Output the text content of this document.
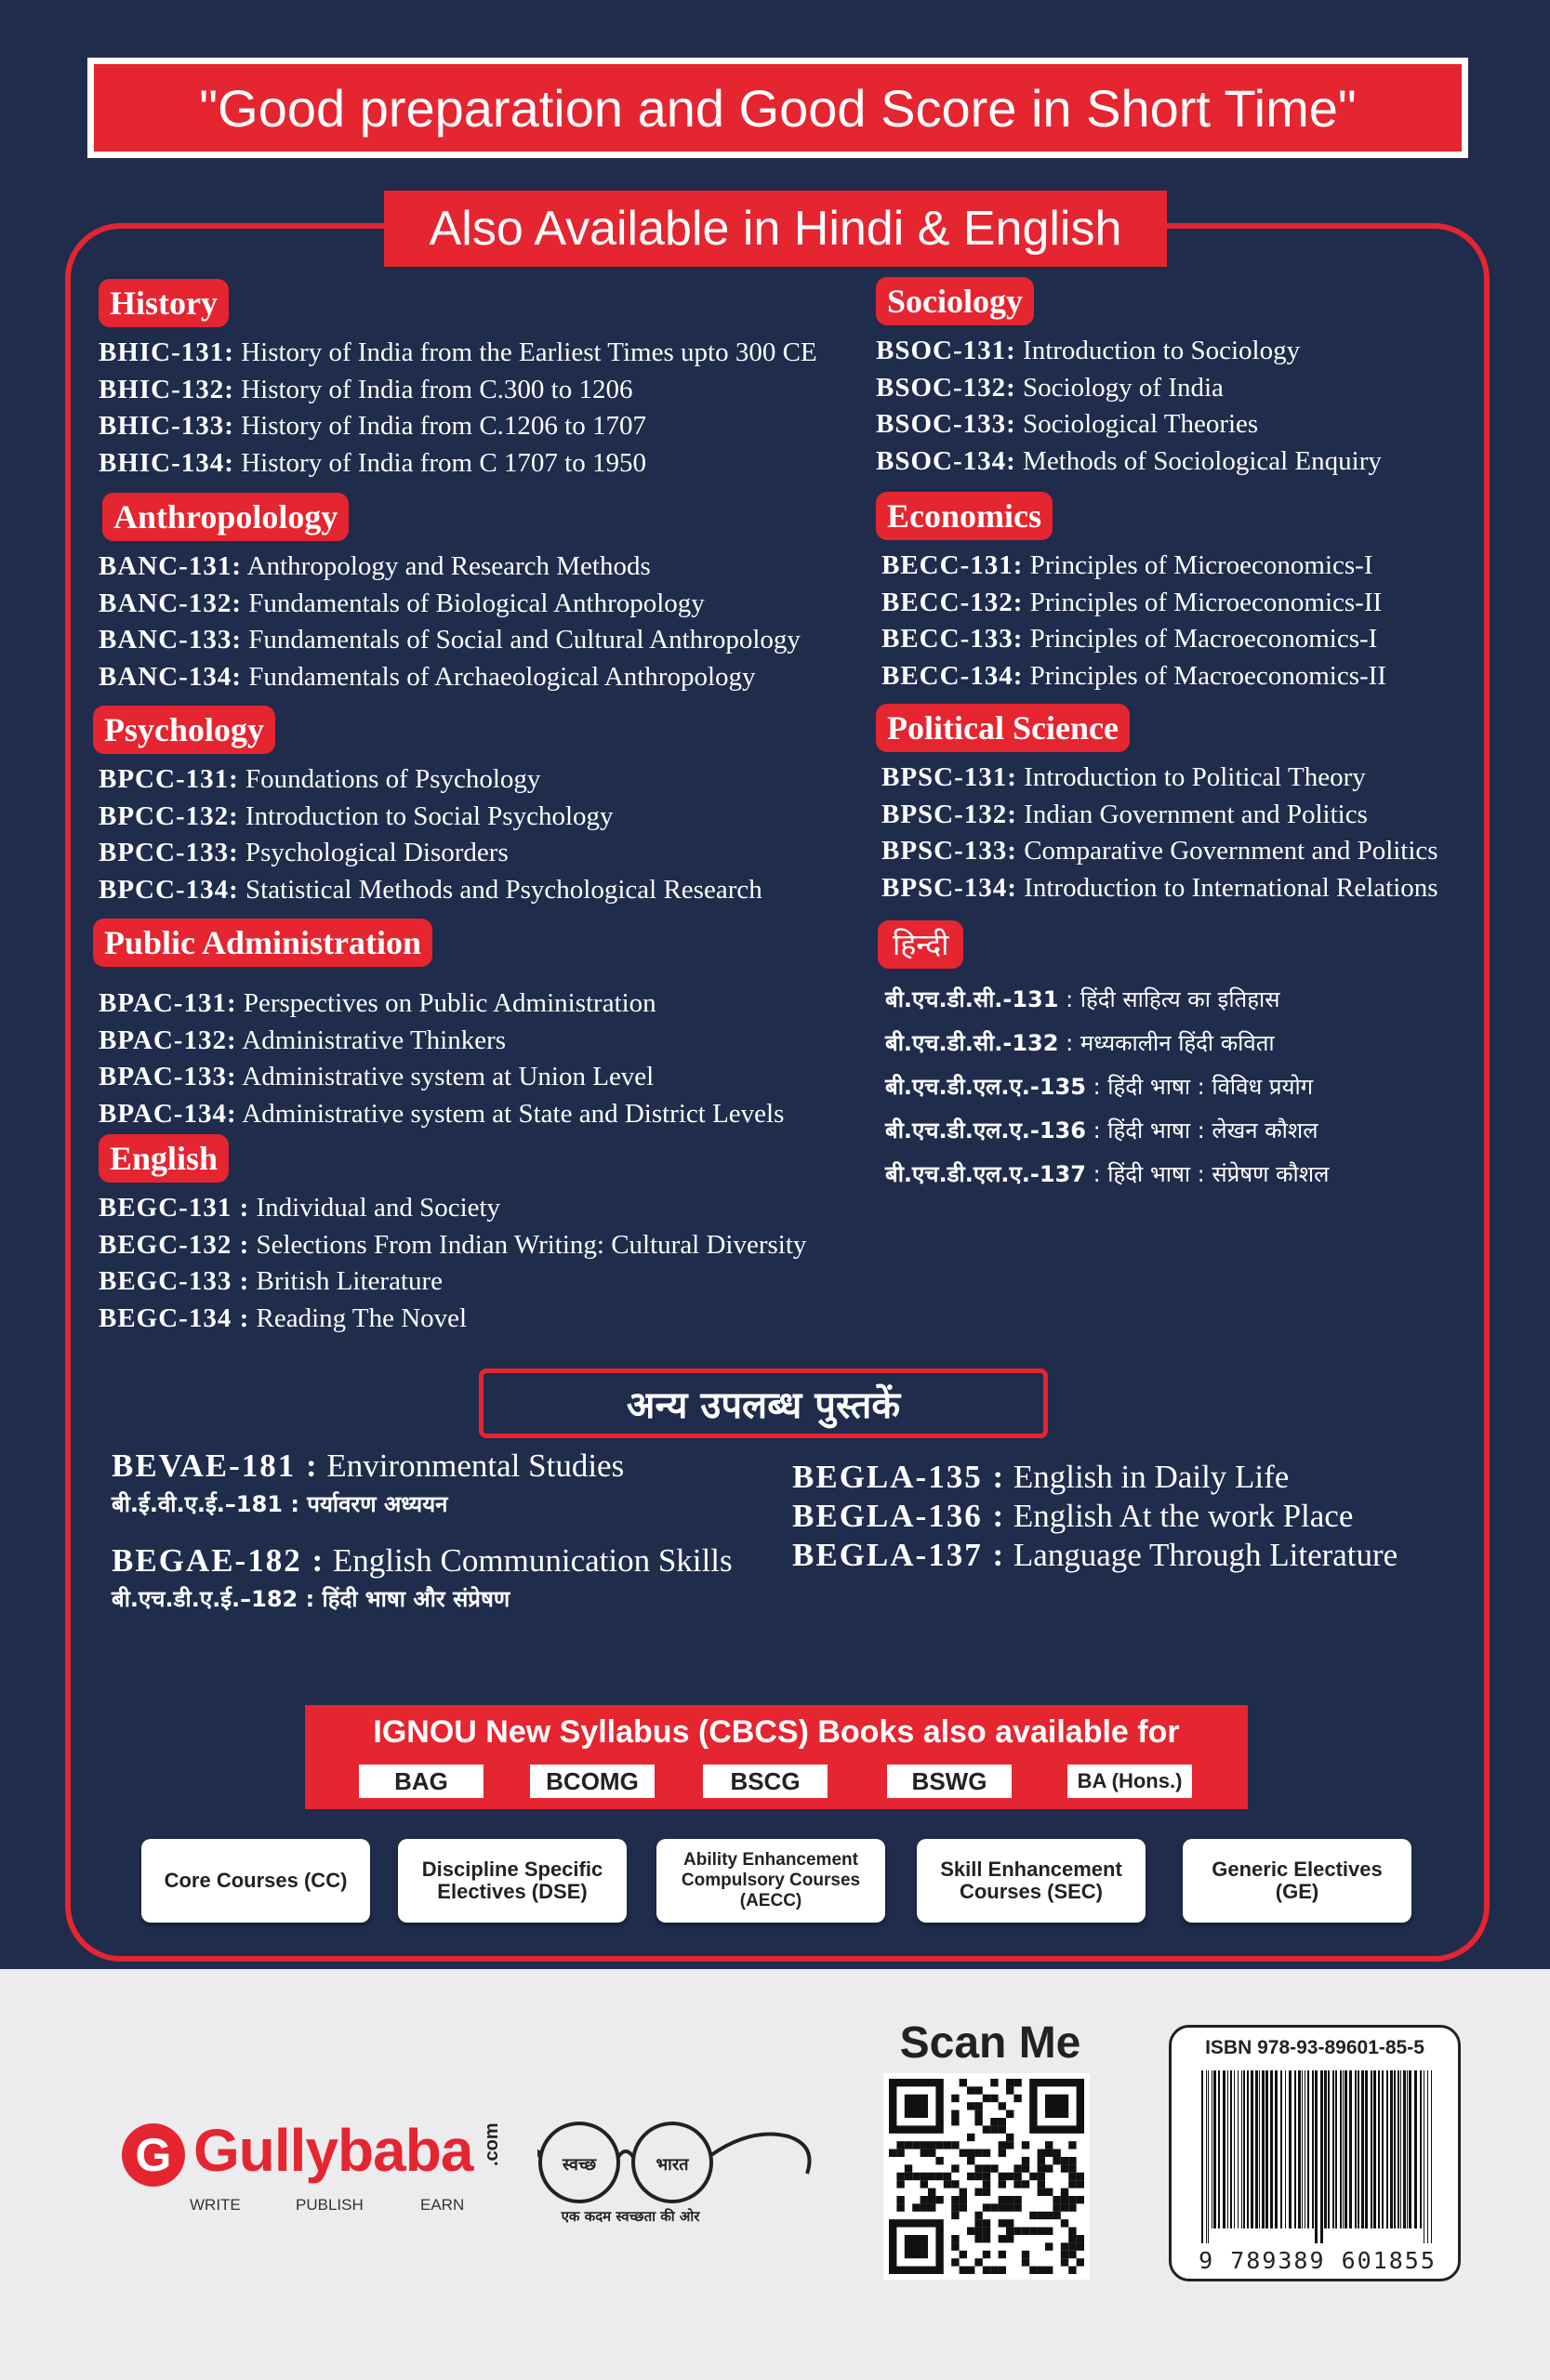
"Good preparation and Good Score in Short Time"
Also Available in Hindi & English
History
BHIC-131: History of India from the Earliest Times upto 300 CE
BHIC-132: History of India from C.300 to 1206
BHIC-133: History of India from C.1206 to 1707
BHIC-134: History of India from C 1707 to 1950
Anthropolology
BANC-131: Anthropology and Research Methods
BANC-132: Fundamentals of Biological Anthropology
BANC-133: Fundamentals of Social and Cultural Anthropology
BANC-134: Fundamentals of Archaeological Anthropology
Psychology
BPCC-131: Foundations of Psychology
BPCC-132: Introduction to Social Psychology
BPCC-133: Psychological Disorders
BPCC-134: Statistical Methods and Psychological Research
Public Administration
BPAC-131: Perspectives on Public Administration
BPAC-132: Administrative Thinkers
BPAC-133: Administrative system at Union Level
BPAC-134: Administrative system at State and District Levels
English
BEGC-131 : Individual and Society
BEGC-132 : Selections From Indian Writing: Cultural Diversity
BEGC-133 : British Literature
BEGC-134 : Reading The Novel
Sociology
BSOC-131: Introduction to Sociology
BSOC-132: Sociology of India
BSOC-133: Sociological Theories
BSOC-134: Methods of Sociological Enquiry
Economics
BECC-131: Principles of Microeconomics-I
BECC-132: Principles of Microeconomics-II
BECC-133: Principles of Macroeconomics-I
BECC-134: Principles of Macroeconomics-II
Political Science
BPSC-131: Introduction to Political Theory
BPSC-132: Indian Government and Politics
BPSC-133: Comparative Government and Politics
BPSC-134: Introduction to International Relations
हिन्दी
बी.एच.डी.सी.-131 : हिंदी साहित्य का इतिहास
बी.एच.डी.सी.-132 : मध्यकालीन हिंदी कविता
बी.एच.डी.एल.ए.-135 : हिंदी भाषा : विविध प्रयोग
बी.एच.डी.एल.ए.-136 : हिंदी भाषा : लेखन कौशल
बी.एच.डी.एल.ए.-137 : हिंदी भाषा : संप्रेषण कौशल
अन्य उपलब्ध पुस्तकें
BEVAE-181 : Environmental Studies
बी.ई.वी.ए.ई.–181 : पर्यावरण अध्ययन
BEGAE-182 : English Communication Skills
बी.एच.डी.ए.ई.–182 : हिंदी भाषा और संप्रेषण
BEGLA-135 : English in Daily Life
BEGLA-136 : English At the work Place
BEGLA-137 : Language Through Literature
IGNOU New Syllabus (CBCS) Books also available for
BAG	BCOMG	BSCG	BSWG	BA (Hons.)
Core Courses (CC)	Discipline Specific Electives (DSE)
Ability Enhancement Compulsory Courses (AECC)
Skill Enhancement Courses (SEC)
Generic Electives (GE)
G Gullybaba .com
WRITE	PUBLISH	EARN
स्वच्छ	भारत
एक कदम स्वच्छता की ओर
Scan Me	ISBN 978-93-89601-85-5
9 789389 601855
